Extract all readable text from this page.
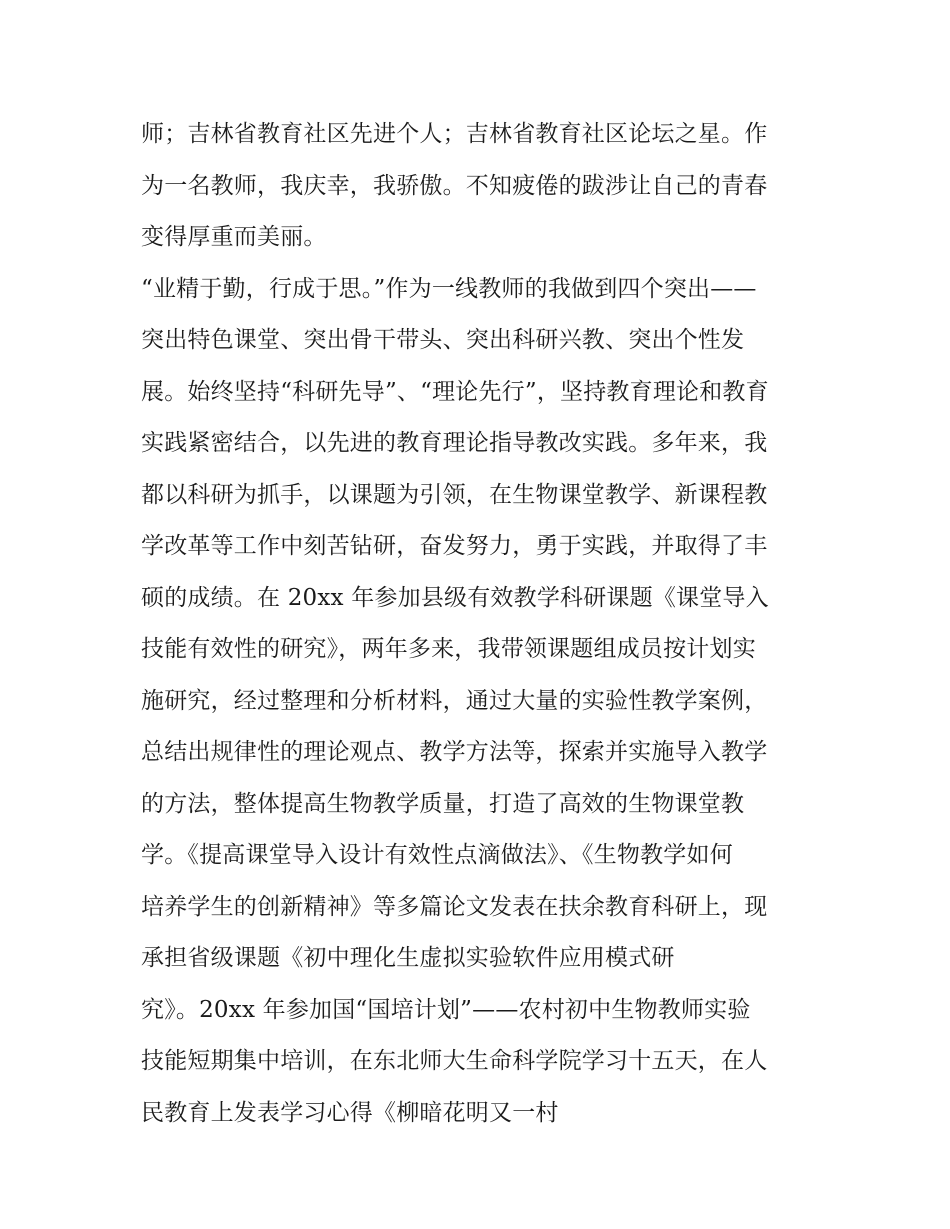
师；吉林省教育社区先进个人；吉林省教育社区论坛之星。作
为一名教师，我庆幸，我骄傲。不知疲倦的跋涉让自己的青春
变得厚重而美丽。
“业精于勤，行成于思。”作为一线教师的我做到四个突出——
突出特色课堂、突出骨干带头、突出科研兴教、突出个性发
展。始终坚持“科研先导”、“理论先行”，坚持教育理论和教育
实践紧密结合，以先进的教育理论指导教改实践。多年来，我
都以科研为抓手，以课题为引领，在生物课堂教学、新课程教
学改革等工作中刻苦钻研，奋发努力，勇于实践，并取得了丰
硕的成绩。在 20xx 年参加县级有效教学科研课题《课堂导入
技能有效性的研究》，两年多来，我带领课题组成员按计划实
施研究，经过整理和分析材料，通过大量的实验性教学案例，
总结出规律性的理论观点、教学方法等，探索并实施导入教学
的方法，整体提高生物教学质量，打造了高效的生物课堂教
学。《提高课堂导入设计有效性点滴做法》、《生物教学如何
培养学生的创新精神》等多篇论文发表在扶余教育科研上，现
承担省级课题《初中理化生虚拟实验软件应用模式研
究》。20xx 年参加国“国培计划”——农村初中生物教师实验
技能短期集中培训，在东北师大生命科学院学习十五天，在人
民教育上发表学习心得《柳暗花明又一村
